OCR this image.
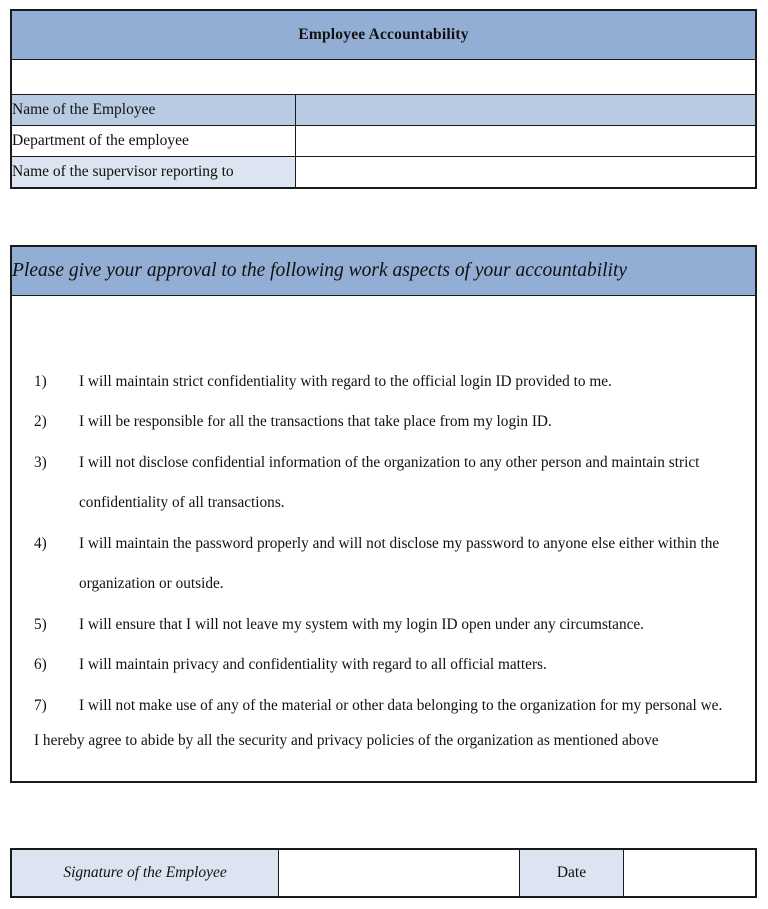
Employee Accountability	

Name of the Employee	
Department of the employee	
Name of the supervisor reporting to	
Please give your approval to the following work aspects of your accountability

1)	I will maintain strict confidentiality with regard to the official login ID provided to me.

2)	I will be responsible for all the transactions that take place from my login ID.

3)	I will not disclose confidential information of the organization to any other person and maintain strict confidentiality of all transactions.

4)	I will maintain the password properly and will not disclose my password to anyone else either within the organization or outside.

5)	I will ensure that I will not leave my system with my login ID open under any circumstance.

6)	I will maintain privacy and confidentiality with regard to all official matters.

7)	I will not make use of any of the material or other data belonging to the organization for my personal we.

I hereby agree to abide by all the security and privacy policies of the organization as mentioned above

Signature of the Employee		Date	
